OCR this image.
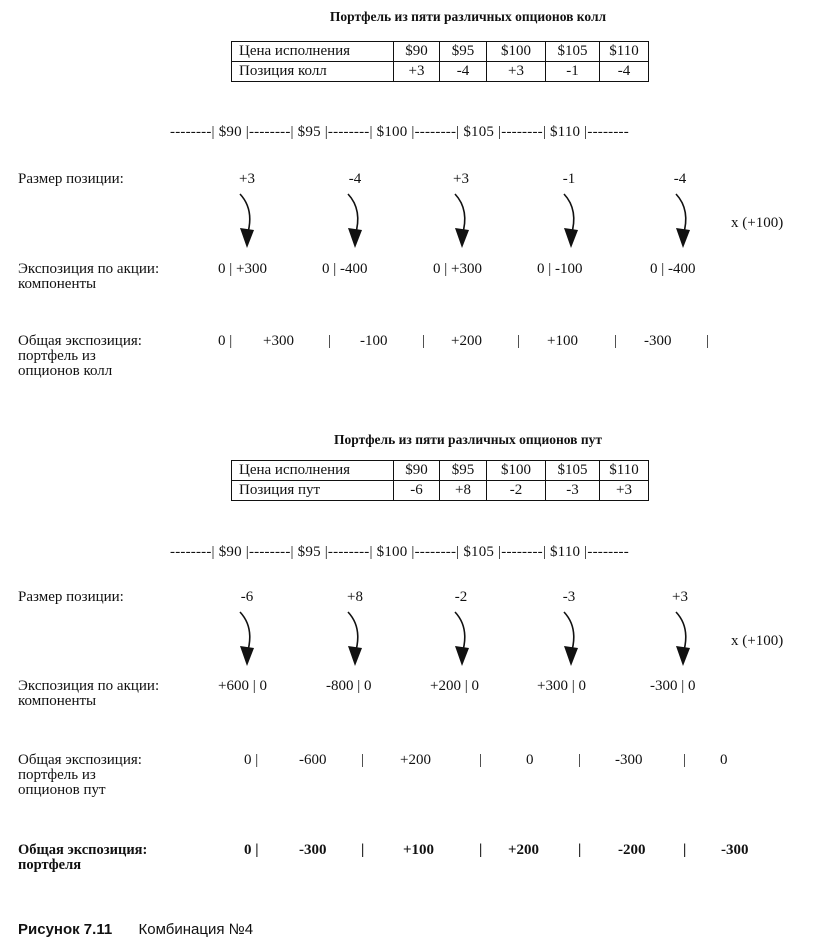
Портфель из пяти различных опционов колл
Цена исполнения	$90	$95	$100	$105	$110
Позиция колл	+3	-4	+3	-1	-4
--------| $90 |--------| $95 |--------| $100 |--------| $105 |--------| $110 |--------
Размер позиции:	+3	-4	+3	-1	-4
x (+100)
Экспозиция по акции:
компоненты
0 | +300	0 | -400	0 | +300	0 | -100	0 | -400
Общая экспозиция:
портфель из
опционов колл
0 | +300 | -100 | +200 | +100 | -300 |
Портфель из пяти различных опционов пут
Цена исполнения	$90	$95	$100	$105	$110
Позиция пут	-6	+8	-2	-3	+3
--------| $90 |--------| $95 |--------| $100 |--------| $105 |--------| $110 |--------
Размер позиции:	-6	+8	-2	-3	+3
x (+100)
Экспозиция по акции:
компоненты
+600 | 0	-800 | 0	+200 | 0	+300 | 0	-300 | 0
Общая экспозиция:
портфель из
опционов пут
0 |	-600 | +200	|	0	| -300	| 0
Общая экспозиция:
портфеля
0 |	-300 |	+100	| +200	| -200	| -300
Рисунок 7.11 Комбинация №4
